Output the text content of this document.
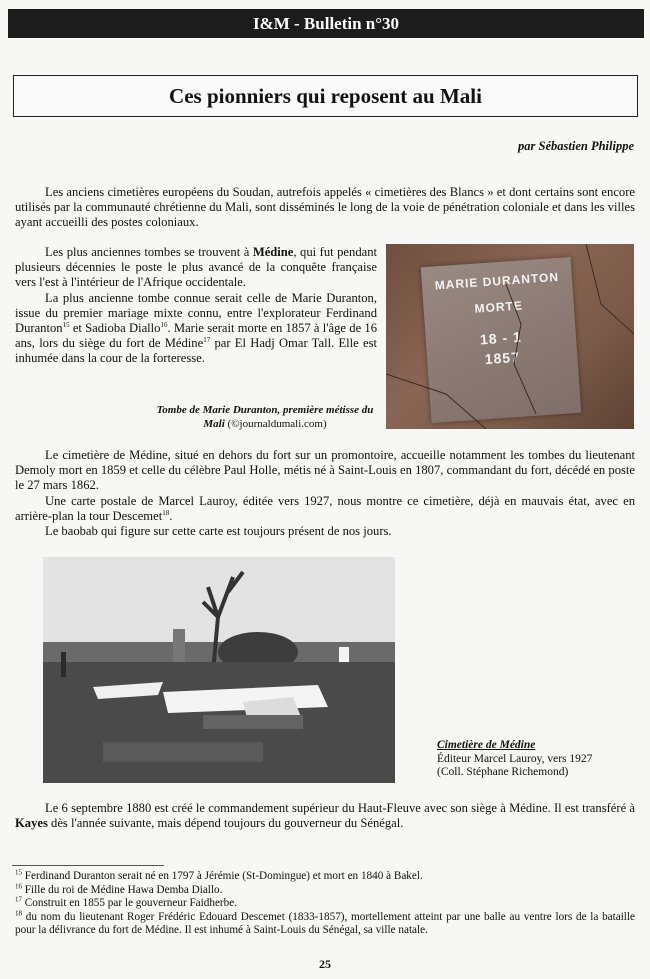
I&M - Bulletin n°30
Ces pionniers qui reposent au Mali
par Sébastien Philippe

Les anciens cimetières européens du Soudan, autrefois appelés « cimetières des Blancs » et dont certains sont encore utilisés par la communauté chrétienne du Mali, sont disséminés le long de la voie de pénétration coloniale et dans les villes ayant accueilli des postes coloniaux.

Les plus anciennes tombes se trouvent à Médine, qui fut pendant plusieurs décennies le poste le plus avancé de la conquête française vers l'est à l'intérieur de l'Afrique occidentale.

La plus ancienne tombe connue serait celle de Marie Duranton, issue du premier mariage mixte connu, entre l'explorateur Ferdinand Duranton$^{15}$ et Sadioba Diallo$^{16}$. Marie serait morte en 1857 à l'âge de 16 ans, lors du siège du fort de Médine$^{17}$ par El Hadj Omar Tall. Elle est inhumée dans la cour de la forteresse.

Tombe de Marie Duranton, première métisse du Mali (©journaldumali.com)
MARIE DURANTON
MORTE
18 - 1
1857

Le cimetière de Médine, situé en dehors du fort sur un promontoire, accueille notamment les tombes du lieutenant Demoly mort en 1859 et celle du célèbre Paul Holle, métis né à Saint-Louis en 1807, commandant du fort, décédé en poste le 27 mars 1862.

Une carte postale de Marcel Lauroy, éditée vers 1927, nous montre ce cimetière, déjà en mauvais état, avec en arrière-plan la tour Descemet$^{18}$.

Le baobab qui figure sur cette carte est toujours présent de nos jours.

Cimetière de Médine
Éditeur Marcel Lauroy, vers 1927
(Coll. Stéphane Richemond)

Le 6 septembre 1880 est créé le commandement supérieur du Haut-Fleuve avec son siège à Médine. Il est transféré à Kayes dès l'année suivante, mais dépend toujours du gouverneur du Sénégal.

$^{15}$ Ferdinand Duranton serait né en 1797 à Jérémie (St-Domingue) et mort en 1840 à Bakel.
$^{16}$ Fille du roi de Médine Hawa Demba Diallo.
$^{17}$ Construit en 1855 par le gouverneur Faidherbe.
$^{18}$ du nom du lieutenant Roger Frédéric Edouard Descemet (1833-1857), mortellement atteint par une balle au ventre lors de la bataille pour la délivrance du fort de Médine. Il est inhumé à Saint-Louis du Sénégal, sa ville natale.
25
